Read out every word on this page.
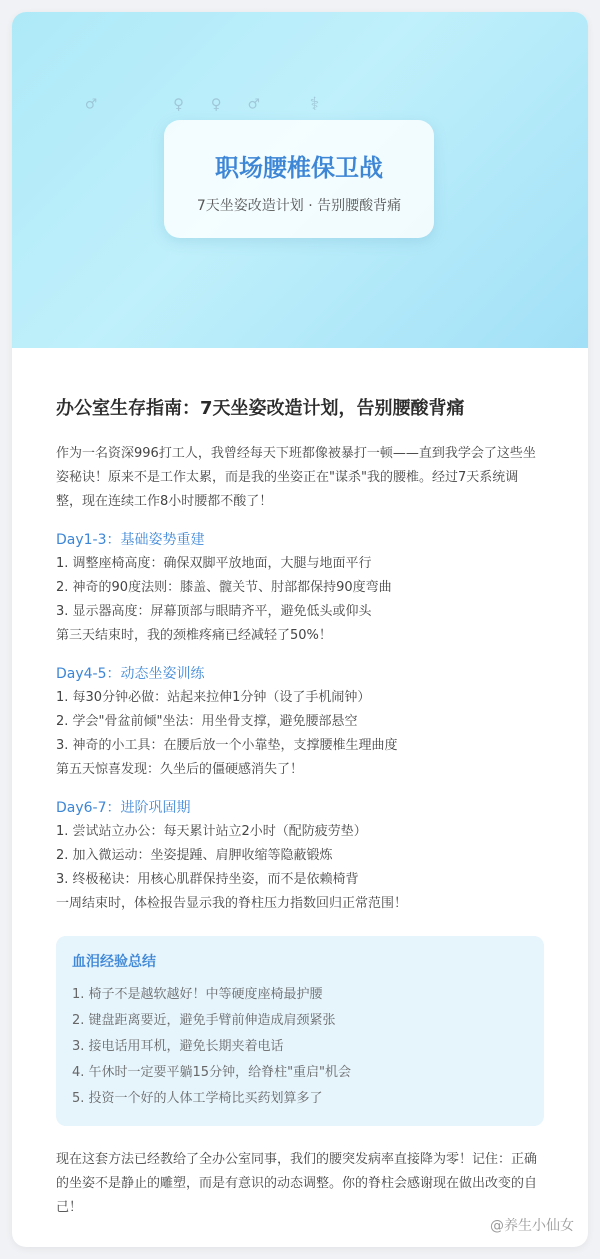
󠀀 󠀀 󠀀♂ 󠀀 󠀀 󠀀♀ 󠀀♀ 󠀀♂ 󠀀 ⚕ 󠀀 󠀀 󠀀
󠀀	󠀀	󠀀	󠀀	󠀀
职场腰椎保卫战
7天坐姿改造计划 · 告别腰酸背痛
办公室生存指南：7天坐姿改造计划，告别腰酸背痛

作为一名资深996打工人，我曾经每天下班都像被暴打一顿——直到我学会了这些坐姿秘诀！原来不是工作太累，而是我的坐姿正在"谋杀"我的腰椎。经过7天系统调整，现在连续工作8小时腰都不酸了！

Day1-3：基础姿势重建

1. 调整座椅高度：确保双脚平放地面，大腿与地面平行

2. 神奇的90度法则：膝盖、髋关节、肘部都保持90度弯曲

3. 显示器高度：屏幕顶部与眼睛齐平，避免低头或仰头

第三天结束时，我的颈椎疼痛已经减轻了50%！

Day4-5：动态坐姿训练

1. 每30分钟必做：站起来拉伸1分钟（设了手机闹钟）

2. 学会"骨盆前倾"坐法：用坐骨支撑，避免腰部悬空

3. 神奇的小工具：在腰后放一个小靠垫，支撑腰椎生理曲度

第五天惊喜发现：久坐后的僵硬感消失了！

Day6-7：进阶巩固期

1. 尝试站立办公：每天累计站立2小时（配防疲劳垫）

2. 加入微运动：坐姿提踵、肩胛收缩等隐蔽锻炼

3. 终极秘诀：用核心肌群保持坐姿，而不是依赖椅背

一周结束时，体检报告显示我的脊柱压力指数回归正常范围！

血泪经验总结

1. 椅子不是越软越好！中等硬度座椅最护腰

2. 键盘距离要近，避免手臂前伸造成肩颈紧张

3. 接电话用耳机，避免长期夹着电话

4. 午休时一定要平躺15分钟，给脊柱"重启"机会

5. 投资一个好的人体工学椅比买药划算多了

现在这套方法已经教给了全办公室同事，我们的腰突发病率直接降为零！记住：正确的坐姿不是静止的雕塑，而是有意识的动态调整。你的脊柱会感谢现在做出改变的自己！

@养生小仙女
